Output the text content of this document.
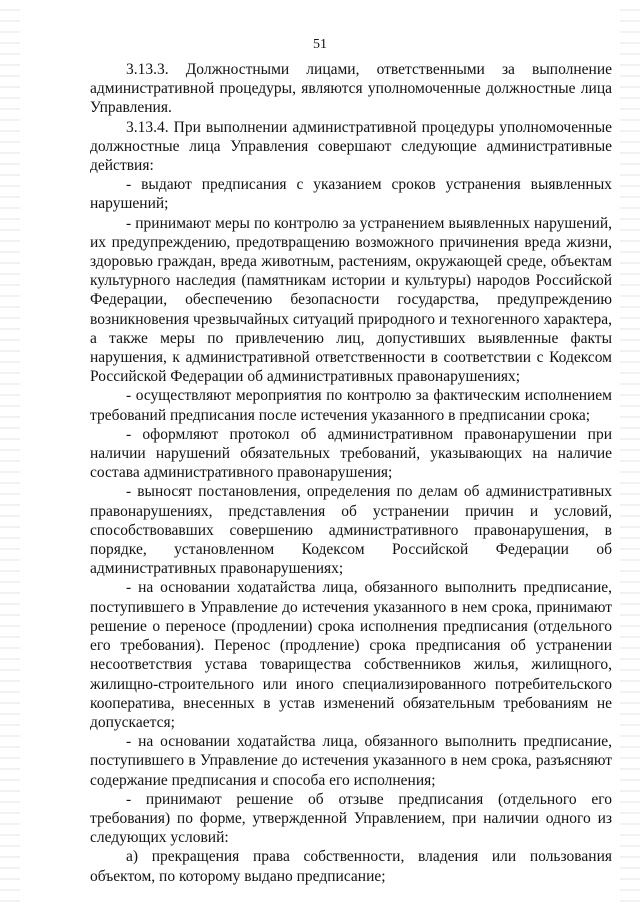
51

3.13.3. Должностными лицами, ответственными за выполнение административной процедуры, являются уполномоченные должностные лица Управления.

3.13.4. При выполнении административной процедуры уполномоченные должностные лица Управления совершают следующие административные действия:

- выдают предписания с указанием сроков устранения выявленных нарушений;

- принимают меры по контролю за устранением выявленных нарушений, их предупреждению, предотвращению возможного причинения вреда жизни, здоровью граждан, вреда животным, растениям, окружающей среде, объектам культурного наследия (памятникам истории и культуры) народов Российской Федерации, обеспечению безопасности государства, предупреждению возникновения чрезвычайных ситуаций природного и техногенного характера, а также меры по привлечению лиц, допустивших выявленные факты нарушения, к административной ответственности в соответствии с Кодексом Российской Федерации об административных правонарушениях;

- осуществляют мероприятия по контролю за фактическим исполнением требований предписания после истечения указанного в предписании срока;

- оформляют протокол об административном правонарушении при наличии нарушений обязательных требований, указывающих на наличие состава административного правонарушения;

- выносят постановления, определения по делам об административных правонарушениях, представления об устранении причин и условий, способствовавших совершению административного правонарушения, в порядке, установленном Кодексом Российской Федерации об административных правонарушениях;

- на основании ходатайства лица, обязанного выполнить предписание, поступившего в Управление до истечения указанного в нем срока, принимают решение о переносе (продлении) срока исполнения предписания (отдельного его требования). Перенос (продление) срока предписания об устранении несоответствия устава товарищества собственников жилья, жилищного, жилищно-строительного или иного специализированного потребительского кооператива, внесенных в устав изменений обязательным требованиям не допускается;

- на основании ходатайства лица, обязанного выполнить предписание, поступившего в Управление до истечения указанного в нем срока, разъясняют содержание предписания и способа его исполнения;

- принимают решение об отзыве предписания (отдельного его требования) по форме, утвержденной Управлением, при наличии одного из следующих условий:

а) прекращения права собственности, владения или пользования объектом, по которому выдано предписание;
